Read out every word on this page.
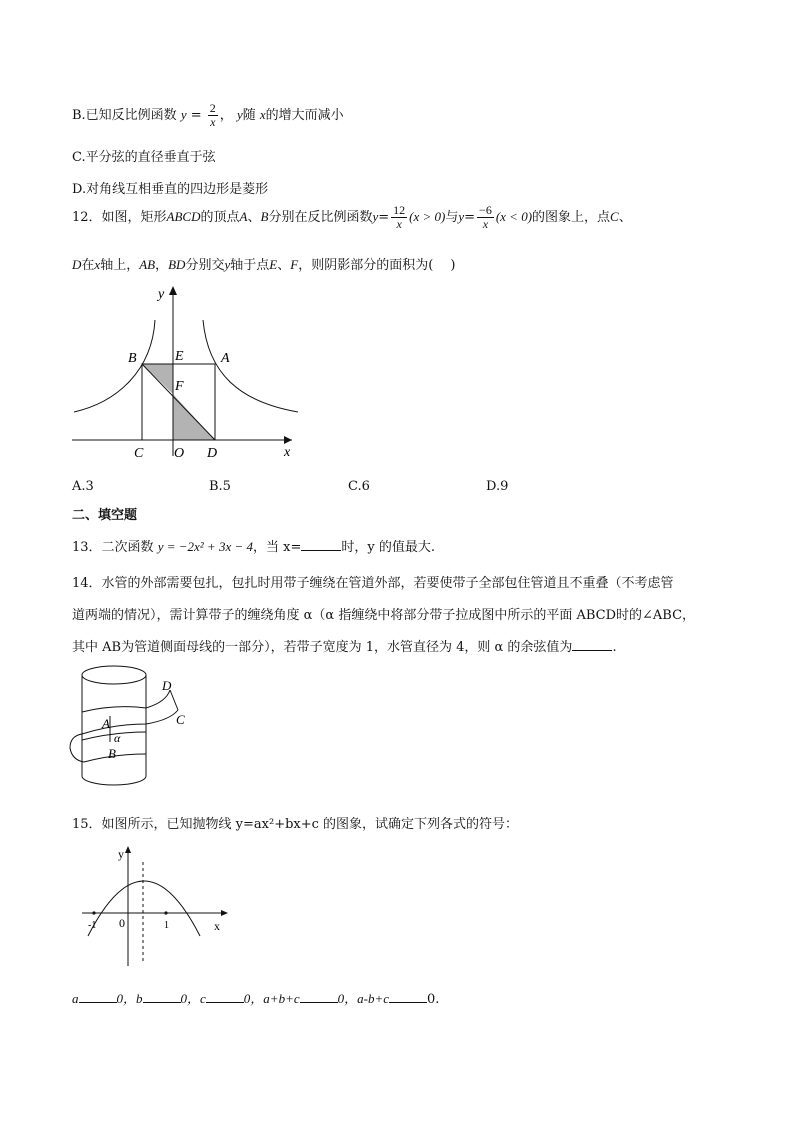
B.已知反比例函数 $y = \frac{2}{x}$ ， y随 x的增大而减小
C.平分弦的直径垂直于弦
D.对角线互相垂直的四边形是菱形
12．如图，矩形ABCD的顶点A、B分别在反比例函数$y= \frac{12}{x} (x > 0)$与$y= \frac{-6}{x} (x < 0)$的图象上，点C、
D在x轴上，AB，BD分别交y轴于点E、F，则阴影部分的面积为(　 )
y
x
B	E	A
F
C O D
A.3	B.5	C.6	D.9
二、填空题
13．二次函数 y = −2x² + 3x − 4，当 x=	时，y 的值最大.
14．水管的外部需要包扎，包扎时用带子缠绕在管道外部，若要使带子全部包住管道且不重叠（不考虑管
道两端的情况），需计算带子的缠绕角度 α（α 指缠绕中将部分带子拉成图中所示的平面 ABCD时的∠ABC，
其中 AB为管道侧面母线的一部分），若带子宽度为 1，水管直径为 4，则 α 的余弦值为	.
D
C
A
α
B
15．如图所示，已知抛物线 y=ax²+bx+c 的图象，试确定下列各式的符号：
y
x
-1 0	1
a	0，b	0，c	0，a+b+c	0，a-b+c	0.
